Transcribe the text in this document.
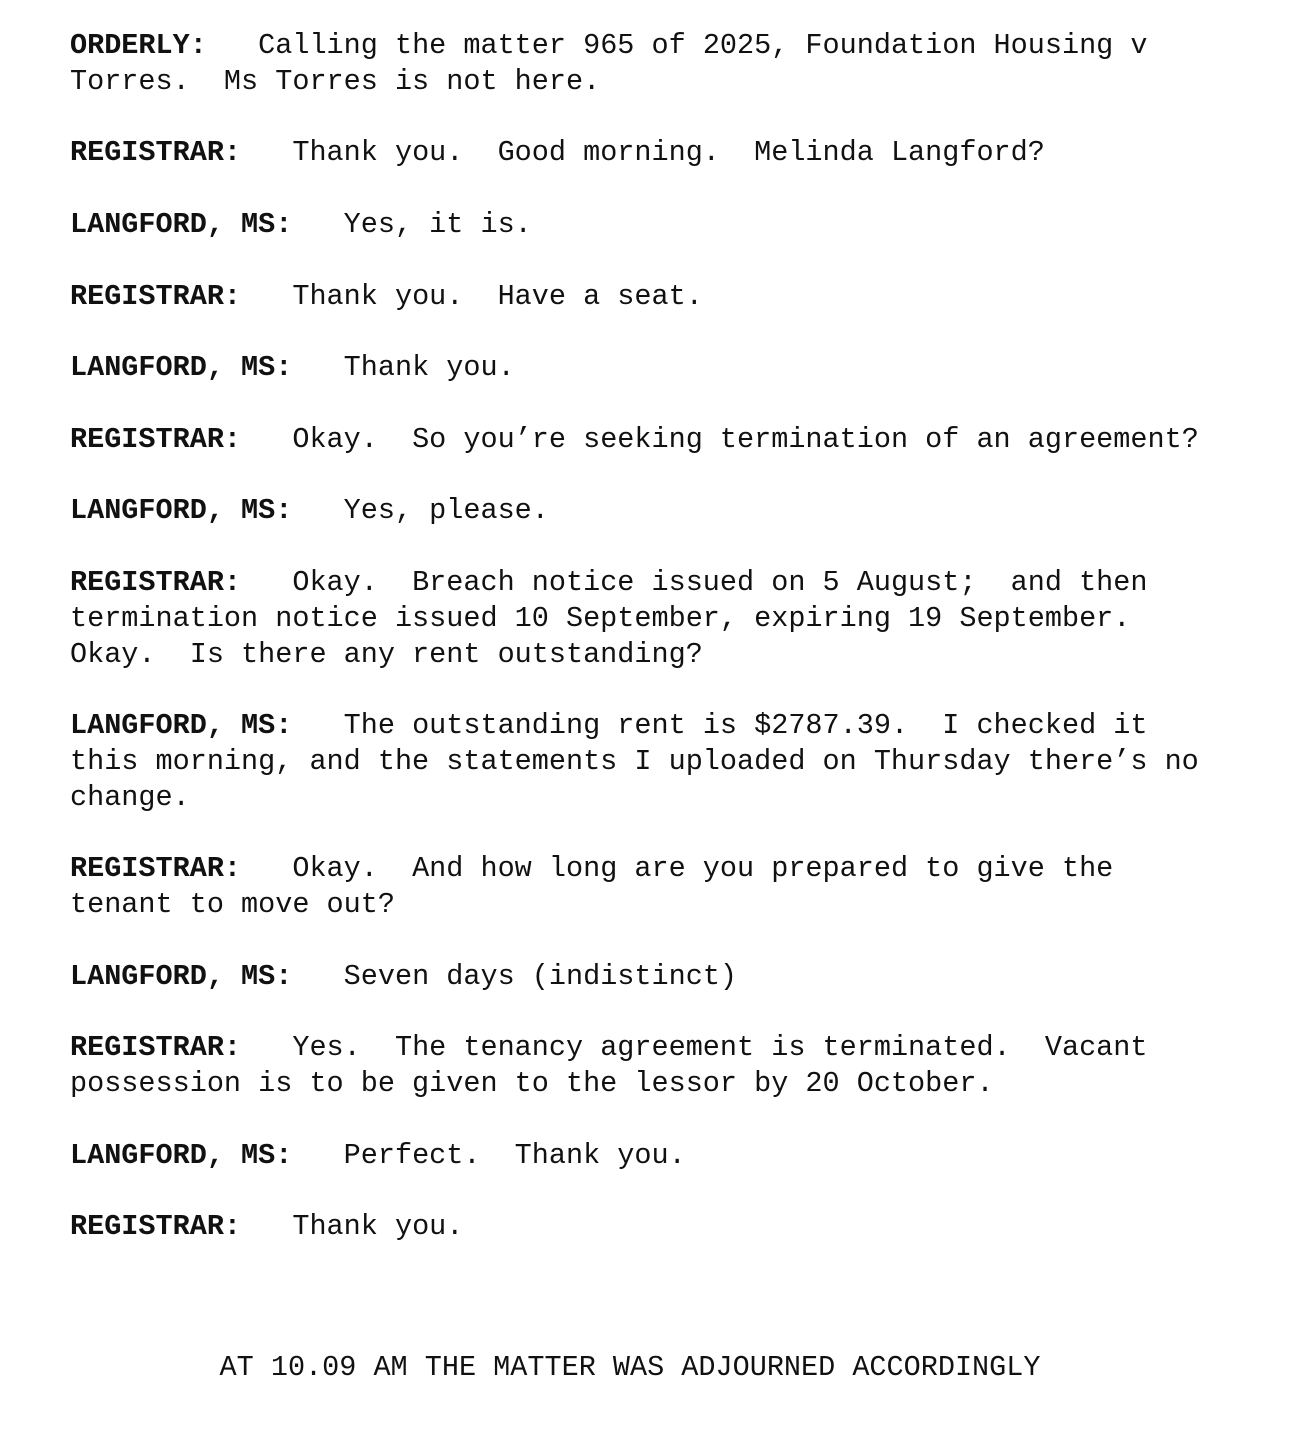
ORDERLY: Calling the matter 965 of 2025, Foundation Housing v Torres.  Ms Torres is not here.
REGISTRAR: Thank you.  Good morning.  Melinda Langford?
LANGFORD, MS: Yes, it is.
REGISTRAR: Thank you.  Have a seat.
LANGFORD, MS: Thank you.
REGISTRAR: Okay.  So you’re seeking termination of an agreement?
LANGFORD, MS: Yes, please.
REGISTRAR: Okay.  Breach notice issued on 5 August;  and then termination notice issued 10 September, expiring 19 September.  Okay.  Is there any rent outstanding?
LANGFORD, MS: The outstanding rent is $2787.39.  I checked it this morning, and the statements I uploaded on Thursday there’s no change.
REGISTRAR: Okay.  And how long are you prepared to give the tenant to move out?
LANGFORD, MS: Seven days (indistinct)
REGISTRAR: Yes.  The tenancy agreement is terminated.  Vacant possession is to be given to the lessor by 20 October.
LANGFORD, MS: Perfect.  Thank you.
REGISTRAR: Thank you.
AT 10.09 AM THE MATTER WAS ADJOURNED ACCORDINGLY
